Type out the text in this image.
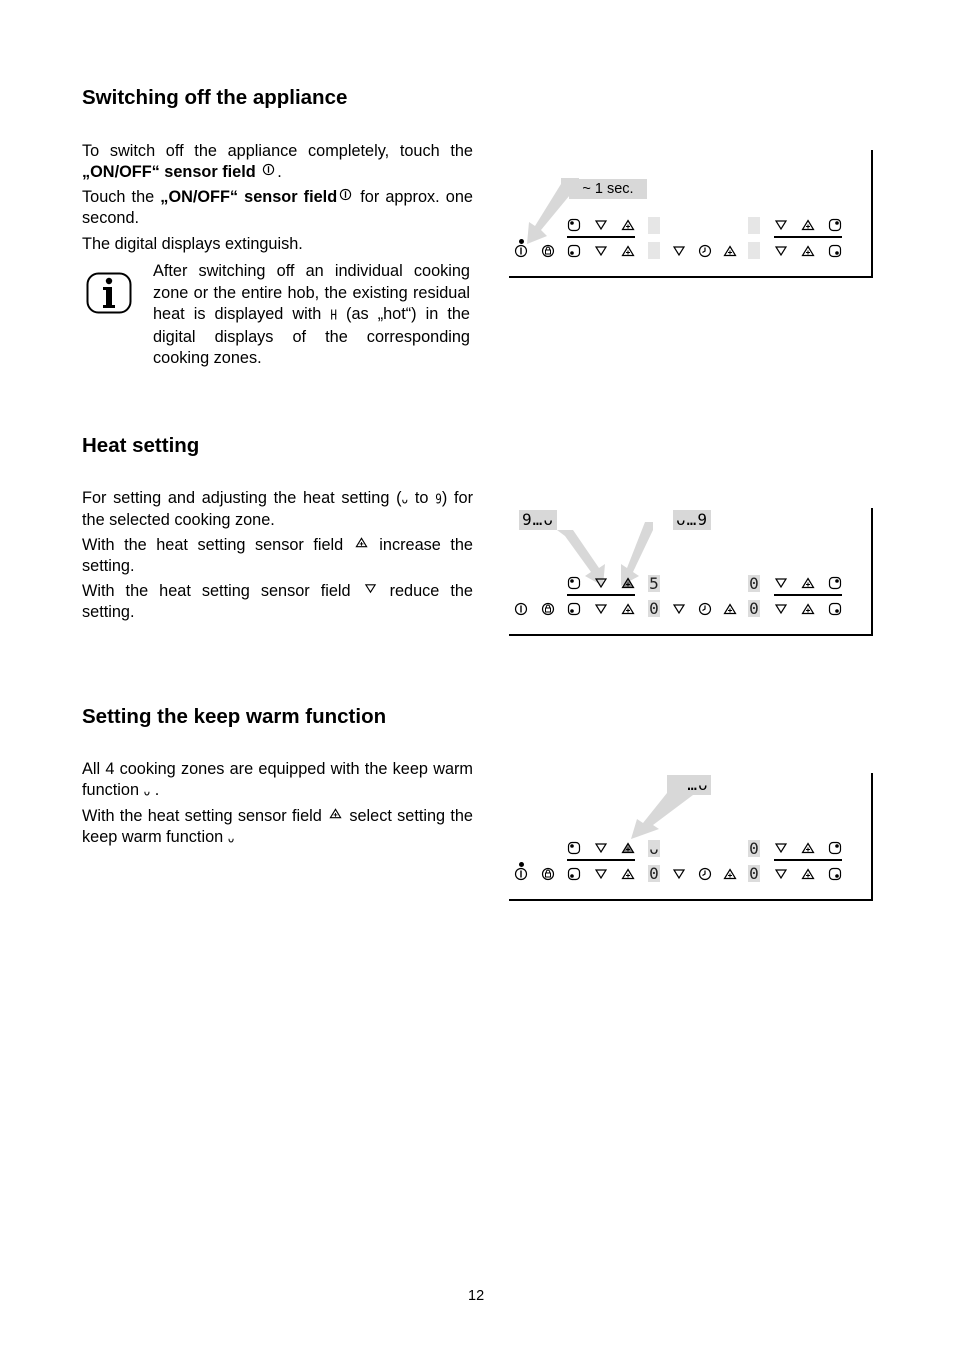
Switching off the appliance

To switch off the appliance completely, touch the „ON/OFF“ sensor field .

Touch the „ON/OFF“ sensor field for approx. one second.

The digital displays extinguish.

After switching off an individual cooking zone or the entire hob, the existing residual heat is displayed with H (as „hot“) in the digital displays of the corresponding cooking zones.

~ 1 sec.
Heat setting

For setting and adjusting the heat setting (ᴗ to 9) for the selected cooking zone.

With the heat setting sensor field increase the setting.

With the heat setting sensor field reduce the setting.

9…ᴗ	ᴗ…9
5	0
0	0
Setting the keep warm function

All 4 cooking zones are equipped with the keep warm function ᴗ .

With the heat setting sensor field select setting the keep warm function ᴗ

…ᴗ
ᴗ	0
0	0
12
